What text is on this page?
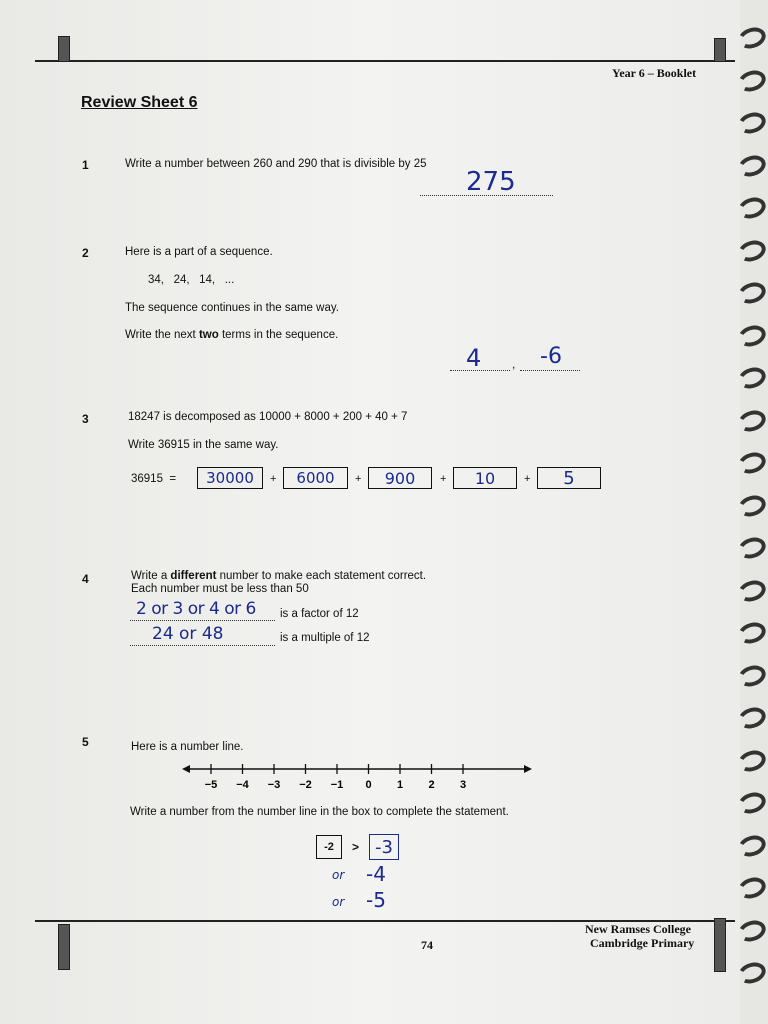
Year 6 – Booklet
Review Sheet 6
1	Write a number between 260 and 290 that is divisible by 25
275
2	Here is a part of a sequence.
34,   24,   14,   ...
The sequence continues in the same way.
Write the next two terms in the sequence.
,
4	-6
3	18247 is decomposed as 10000 + 8000 + 200 + 40 + 7
Write 36915 in the same way.
36915  = 30000 + 6000 + 900 + 10	+ 5
4	Write a different number to make each statement correct.
Each number must be less than 50
2 or 3 or 4 or 6 is a factor of 12
24 or 48	is a multiple of 12
5	Here is a number line.
−5 −4 −3 −2 −1 0 1 2 3
Write a number from the number line in the box to complete the statement.
-2 > -3
or -4
or -5
74
New Ramses College
Cambridge Primary
